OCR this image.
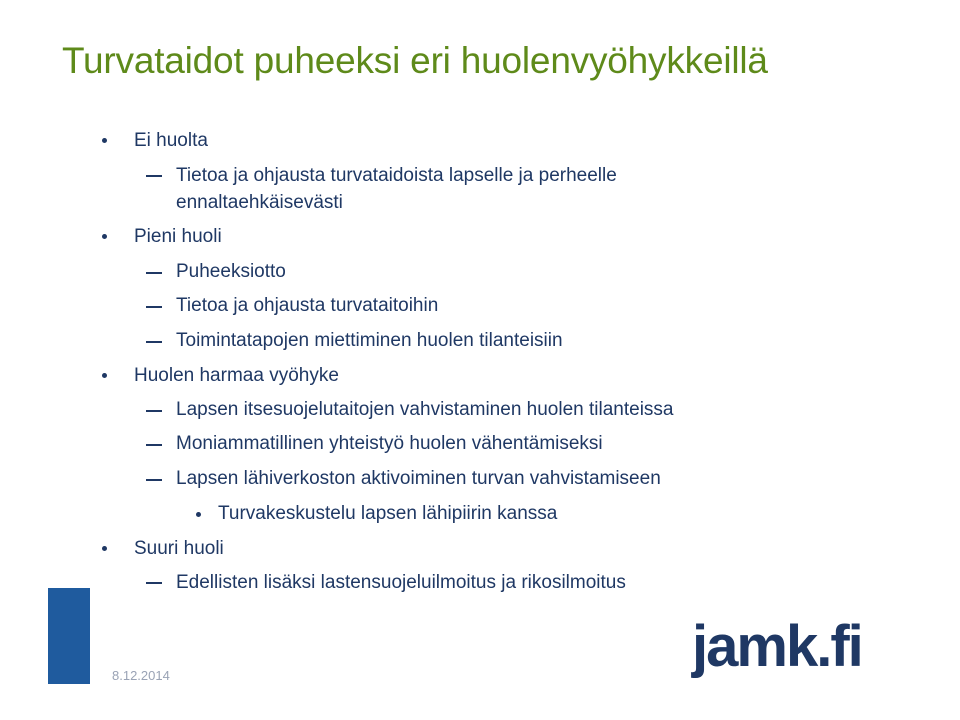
Turvataidot puheeksi eri huolenvyöhykkeillä
Ei huolta
Tietoa ja ohjausta turvataidoista lapselle ja perheelle
ennaltaehkäisevästi
Pieni huoli
Puheeksiotto
Tietoa ja ohjausta turvataitoihin
Toimintatapojen miettiminen huolen tilanteisiin
Huolen harmaa vyöhyke
Lapsen itsesuojelutaitojen vahvistaminen huolen tilanteissa
Moniammatillinen yhteistyö huolen vähentämiseksi
Lapsen lähiverkoston aktivoiminen turvan vahvistamiseen
Turvakeskustelu lapsen lähipiirin kanssa
Suuri huoli
Edellisten lisäksi lastensuojeluilmoitus ja rikosilmoitus
8.12.2014	jamk.fi
